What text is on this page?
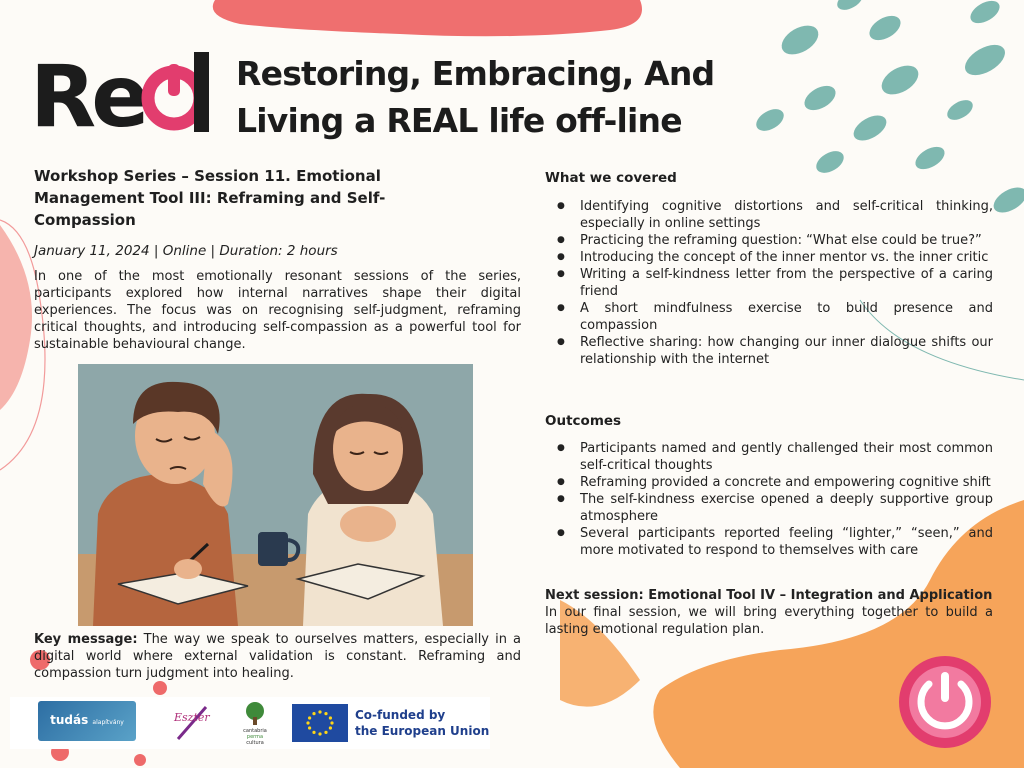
Re	Restoring, Embracing, And
Living a REAL life off-line
Workshop Series – Session 11. Emotional Management Tool III: Reframing and Self-Compassion

January 11, 2024 | Online | Duration: 2 hours

In one of the most emotionally resonant sessions of the series, participants explored how internal narratives shape their digital experiences. The focus was on recognising self-judgment, reframing critical thoughts, and introducing self-compassion as a powerful tool for sustainable behavioural change.

Key message: The way we speak to ourselves matters, especially in a digital world where external validation is constant. Reframing and compassion turn judgment into healing.

What we covered
● Identifying cognitive distortions and self-critical thinking, especially in online settings
● Practicing the reframing question: “What else could be true?”
● Introducing the concept of the inner mentor vs. the inner critic
● Writing a self-kindness letter from the perspective of a caring friend
● A short mindfulness exercise to build presence and compassion
● Reflective sharing: how changing our inner dialogue shifts our relationship with the internet
Outcomes
● Participants named and gently challenged their most common self-critical thoughts
● Reframing provided a concrete and empowering cognitive shift
● The self-kindness exercise opened a deeply supportive group atmosphere
● Several participants reported feeling “lighter,” “seen,” and more motivated to respond to themselves with care

Next session: Emotional Tool IV – Integration and Application
In our final session, we will bring everything together to build a lasting emotional regulation plan.

tudás alapítvány	Eszter
cantabria
perma
cultura
Co-funded by
the European Union
